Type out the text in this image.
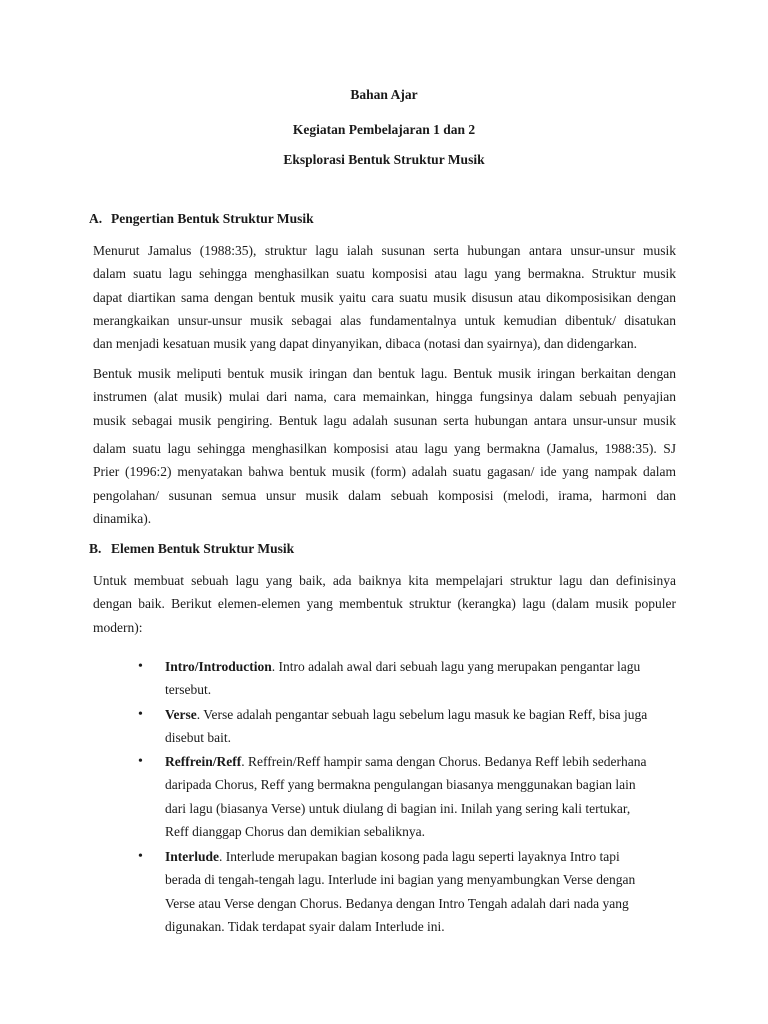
Bahan Ajar
Kegiatan Pembelajaran 1 dan 2
Eksplorasi Bentuk Struktur Musik
A. Pengertian Bentuk Struktur Musik
Menurut Jamalus (1988:35), struktur lagu ialah susunan serta hubungan antara unsur-unsur musik
dalam suatu lagu sehingga menghasilkan suatu komposisi atau lagu yang bermakna. Struktur musik
dapat diartikan sama dengan bentuk musik yaitu cara suatu musik disusun atau dikomposisikan dengan
merangkaikan unsur-unsur musik sebagai alas fundamentalnya untuk kemudian dibentuk/ disatukan
dan menjadi kesatuan musik yang dapat dinyanyikan, dibaca (notasi dan syairnya), dan didengarkan.
Bentuk musik meliputi bentuk musik iringan dan bentuk lagu. Bentuk musik iringan berkaitan dengan
instrumen (alat musik) mulai dari nama, cara memainkan, hingga fungsinya dalam sebuah penyajian
musik sebagai musik pengiring. Bentuk lagu adalah susunan serta hubungan antara unsur-unsur musik
dalam suatu lagu sehingga menghasilkan komposisi atau lagu yang bermakna (Jamalus, 1988:35). SJ
Prier (1996:2) menyatakan bahwa bentuk musik (form) adalah suatu gagasan/ ide yang nampak dalam
pengolahan/ susunan semua unsur musik dalam sebuah komposisi (melodi, irama, harmoni dan
dinamika).
B. Elemen Bentuk Struktur Musik
Untuk membuat sebuah lagu yang baik, ada baiknya kita mempelajari struktur lagu dan definisinya
dengan baik. Berikut elemen-elemen yang membentuk struktur (kerangka) lagu (dalam musik populer
modern):
• Intro/Introduction. Intro adalah awal dari sebuah lagu yang merupakan pengantar lagu
tersebut.
• Verse. Verse adalah pengantar sebuah lagu sebelum lagu masuk ke bagian Reff, bisa juga
disebut bait.
• Reffrein/Reff. Reffrein/Reff hampir sama dengan Chorus. Bedanya Reff lebih sederhana
daripada Chorus, Reff yang bermakna pengulangan biasanya menggunakan bagian lain
dari lagu (biasanya Verse) untuk diulang di bagian ini. Inilah yang sering kali tertukar,
Reff dianggap Chorus dan demikian sebaliknya.
• Interlude. Interlude merupakan bagian kosong pada lagu seperti layaknya Intro tapi
berada di tengah-tengah lagu. Interlude ini bagian yang menyambungkan Verse dengan
Verse atau Verse dengan Chorus. Bedanya dengan Intro Tengah adalah dari nada yang
digunakan. Tidak terdapat syair dalam Interlude ini.
